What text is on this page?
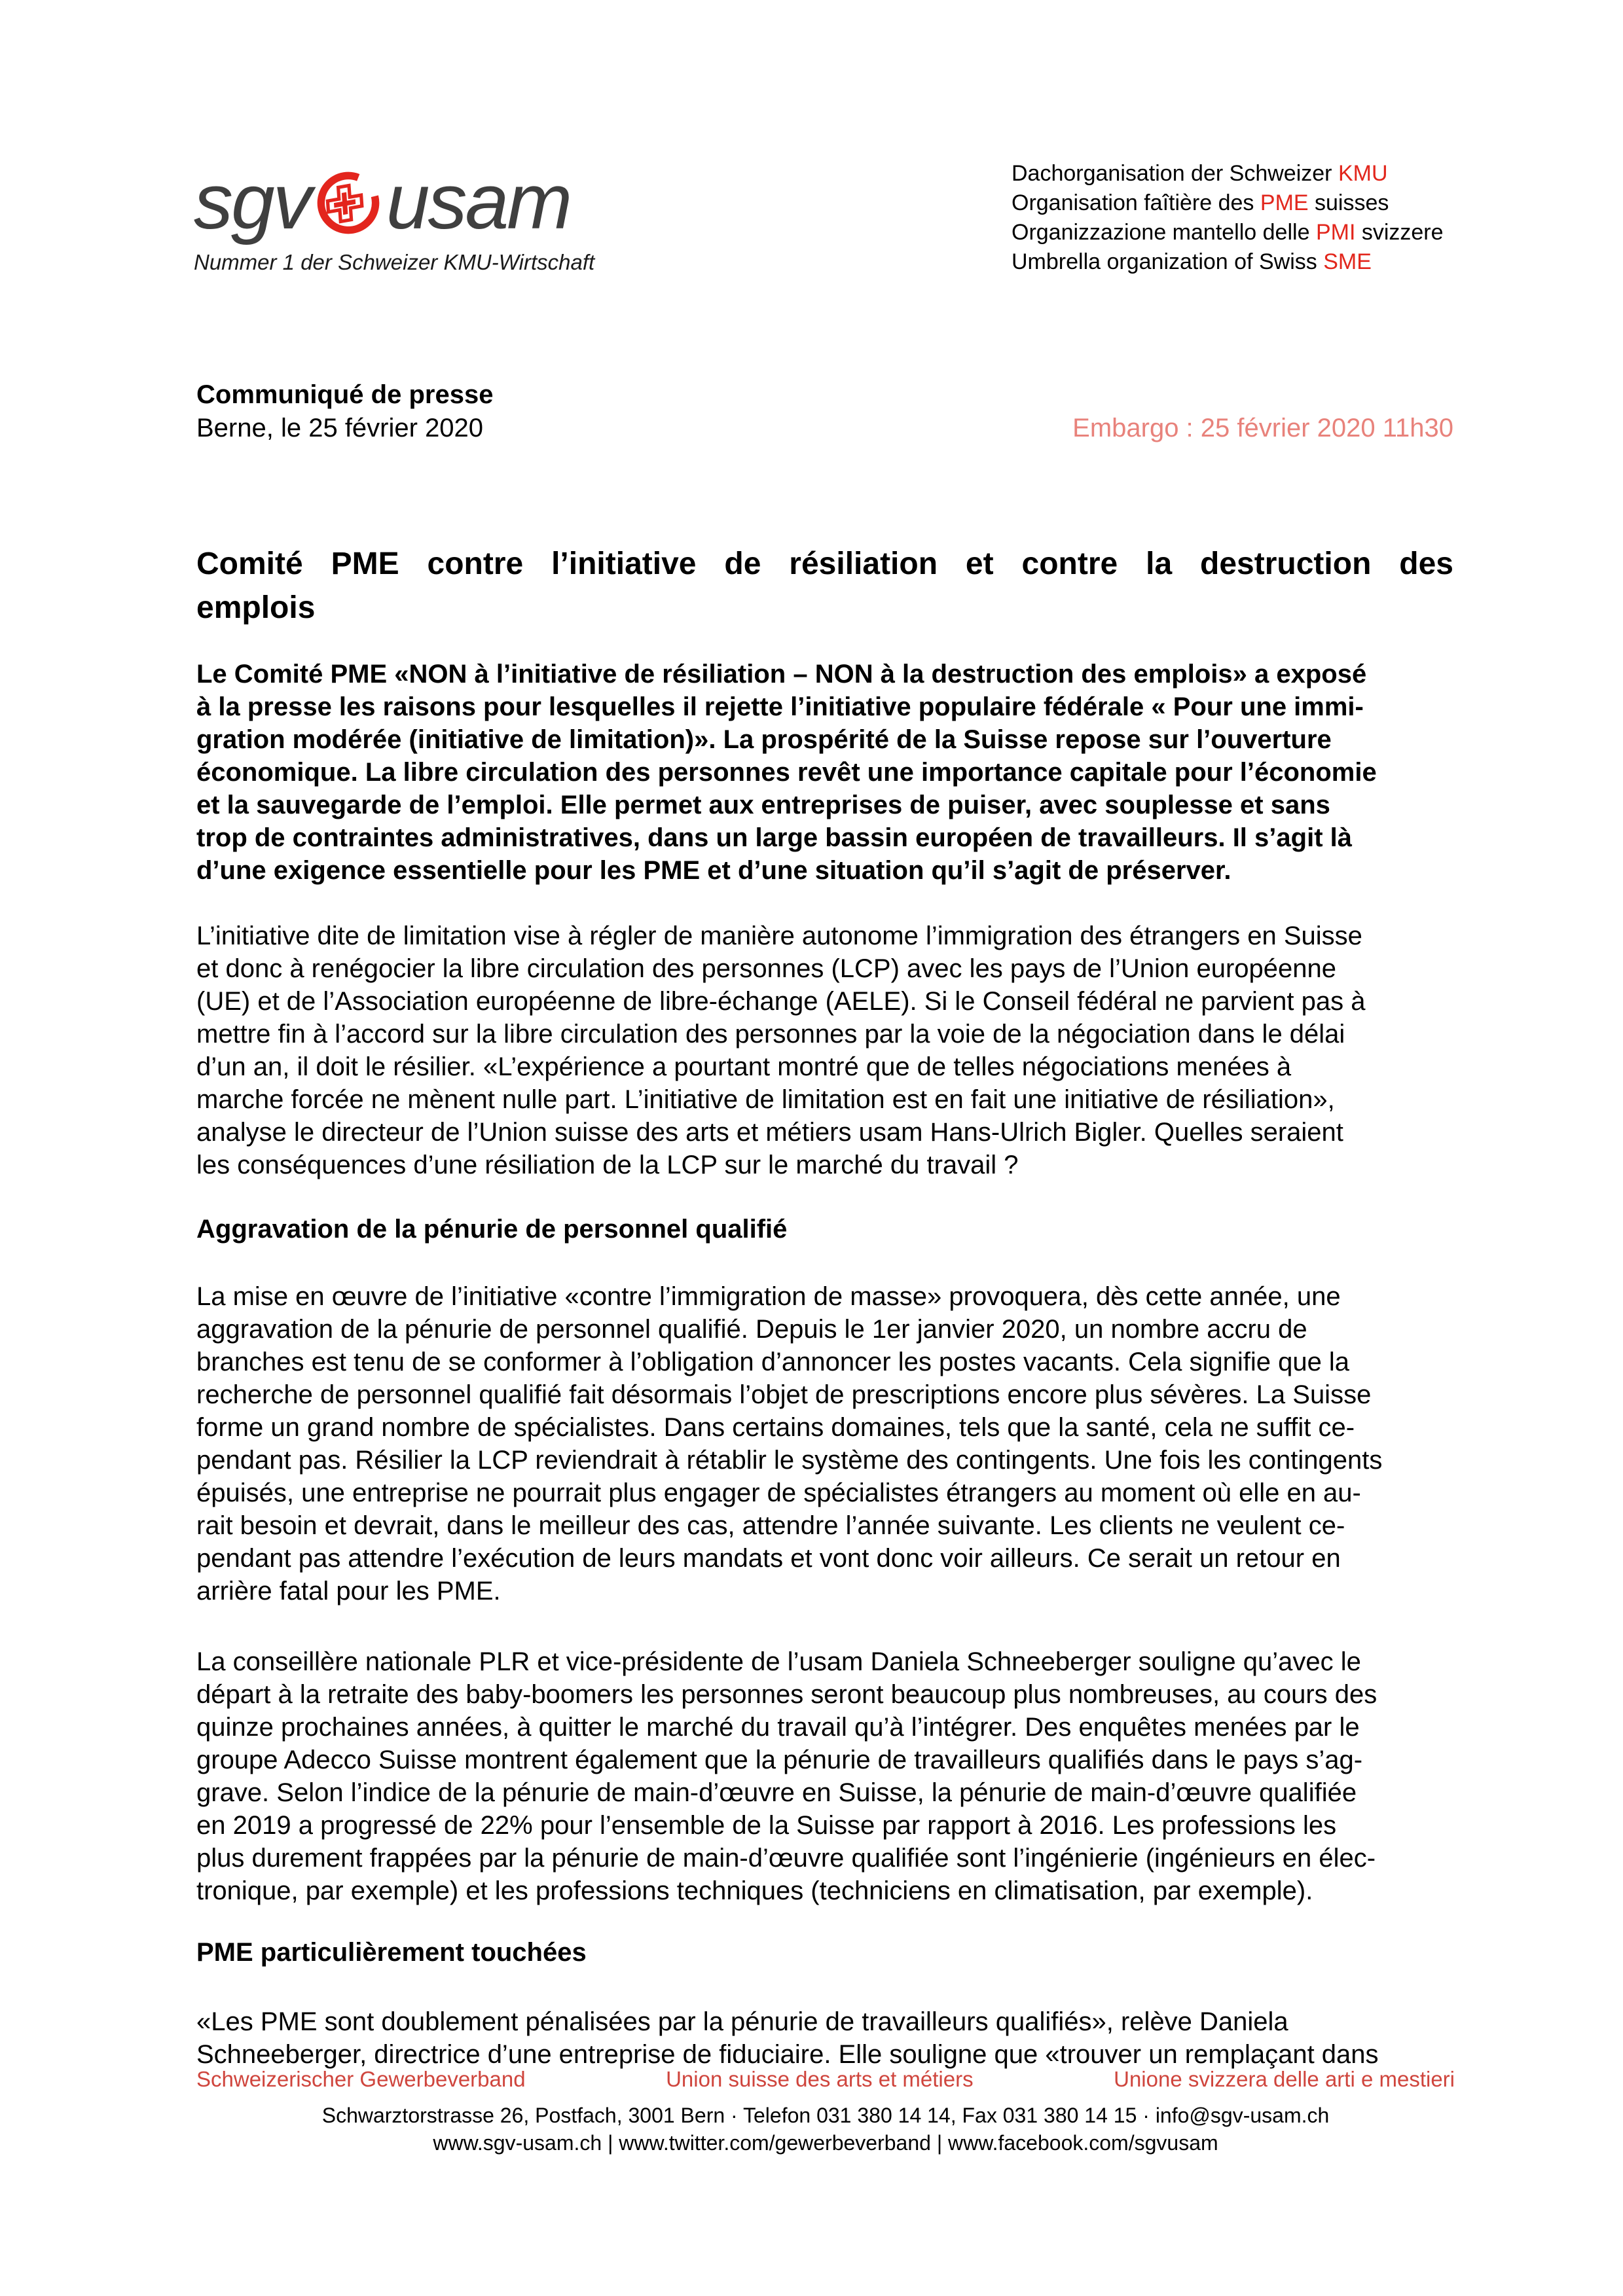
sgv usam
Nummer 1 der Schweizer KMU-Wirtschaft
Dachorganisation der Schweizer KMU
Organisation faîtière des PME suisses
Organizzazione mantello delle PMI svizzere
Umbrella organization of Swiss SME
Communiqué de presse
Berne, le 25 février 2020	Embargo : 25 février 2020 11h30
Comité PME contre l’initiative de résiliation et contre la destruction des
emplois
Le Comité PME «NON à l’initiative de résiliation – NON à la destruction des emplois» a exposé
à la presse les raisons pour lesquelles il rejette l’initiative populaire fédérale « Pour une immi-
gration modérée (initiative de limitation)». La prospérité de la Suisse repose sur l’ouverture
économique. La libre circulation des personnes revêt une importance capitale pour l’économie
et la sauvegarde de l’emploi. Elle permet aux entreprises de puiser, avec souplesse et sans
trop de contraintes administratives, dans un large bassin européen de travailleurs. Il s’agit là
d’une exigence essentielle pour les PME et d’une situation qu’il s’agit de préserver.
L’initiative dite de limitation vise à régler de manière autonome l’immigration des étrangers en Suisse
et donc à renégocier la libre circulation des personnes (LCP) avec les pays de l’Union européenne
(UE) et de l’Association européenne de libre-échange (AELE). Si le Conseil fédéral ne parvient pas à
mettre fin à l’accord sur la libre circulation des personnes par la voie de la négociation dans le délai
d’un an, il doit le résilier. «L’expérience a pourtant montré que de telles négociations menées à
marche forcée ne mènent nulle part. L’initiative de limitation est en fait une initiative de résiliation»,
analyse le directeur de l’Union suisse des arts et métiers usam Hans-Ulrich Bigler. Quelles seraient
les conséquences d’une résiliation de la LCP sur le marché du travail ?
Aggravation de la pénurie de personnel qualifié
La mise en œuvre de l’initiative «contre l’immigration de masse» provoquera, dès cette année, une
aggravation de la pénurie de personnel qualifié. Depuis le 1er janvier 2020, un nombre accru de
branches est tenu de se conformer à l’obligation d’annoncer les postes vacants. Cela signifie que la
recherche de personnel qualifié fait désormais l’objet de prescriptions encore plus sévères. La Suisse
forme un grand nombre de spécialistes. Dans certains domaines, tels que la santé, cela ne suffit ce-
pendant pas. Résilier la LCP reviendrait à rétablir le système des contingents. Une fois les contingents
épuisés, une entreprise ne pourrait plus engager de spécialistes étrangers au moment où elle en au-
rait besoin et devrait, dans le meilleur des cas, attendre l’année suivante. Les clients ne veulent ce-
pendant pas attendre l’exécution de leurs mandats et vont donc voir ailleurs. Ce serait un retour en
arrière fatal pour les PME.
La conseillère nationale PLR et vice-présidente de l’usam Daniela Schneeberger souligne qu’avec le
départ à la retraite des baby-boomers les personnes seront beaucoup plus nombreuses, au cours des
quinze prochaines années, à quitter le marché du travail qu’à l’intégrer. Des enquêtes menées par le
groupe Adecco Suisse montrent également que la pénurie de travailleurs qualifiés dans le pays s’ag-
grave. Selon l’indice de la pénurie de main-d’œuvre en Suisse, la pénurie de main-d’œuvre qualifiée
en 2019 a progressé de 22% pour l’ensemble de la Suisse par rapport à 2016. Les professions les
plus durement frappées par la pénurie de main-d’œuvre qualifiée sont l’ingénierie (ingénieurs en élec-
tronique, par exemple) et les professions techniques (techniciens en climatisation, par exemple).
PME particulièrement touchées
«Les PME sont doublement pénalisées par la pénurie de travailleurs qualifiés», relève Daniela
Schneeberger, directrice d’une entreprise de fiduciaire. Elle souligne que «trouver un remplaçant dans
Schweizerischer Gewerbeverband	Union suisse des arts et métiers	Unione svizzera delle arti e mestieri
Schwarztorstrasse 26, Postfach, 3001 Bern · Telefon 031 380 14 14, Fax 031 380 14 15 · info@sgv-usam.ch
www.sgv-usam.ch | www.twitter.com/gewerbeverband | www.facebook.com/sgvusam
